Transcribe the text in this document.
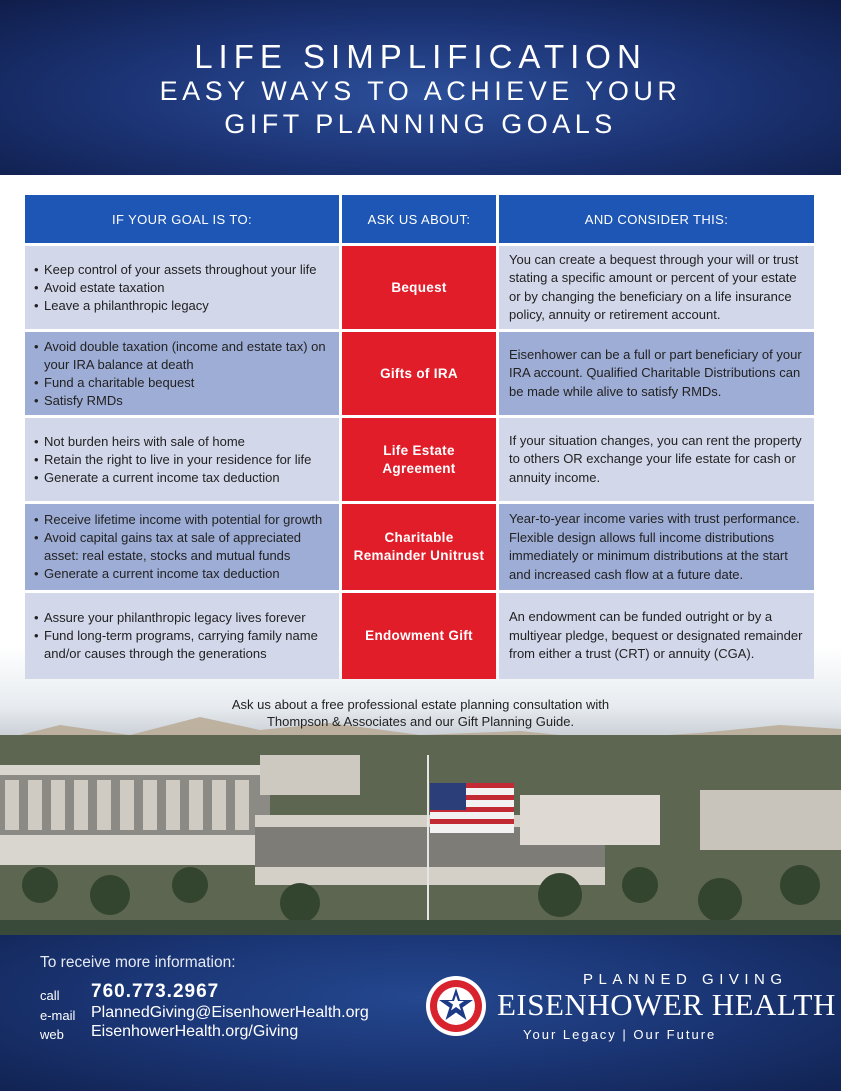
LIFE SIMPLIFICATION
EASY WAYS TO ACHIEVE YOUR
GIFT PLANNING GOALS
IF YOUR GOAL IS TO:	ASK US ABOUT:	AND CONSIDER THIS:
• Keep control of your assets throughout your life
• Avoid estate taxation
• Leave a philanthropic legacy
Bequest

You can create a bequest through your will or trust stating a specific amount or percent of your estate or by changing the beneficiary on a life insurance policy, annuity or retirement account.

• Avoid double taxation (income and estate tax) on your IRA balance at death
• Fund a charitable bequest
• Satisfy RMDs
Gifts of IRA

Eisenhower can be a full or part beneficiary of your IRA account. Qualified Charitable Distributions can be made while alive to satisfy RMDs.

• Not burden heirs with sale of home
• Retain the right to live in your residence for life
• Generate a current income tax deduction
Life Estate Agreement

If your situation changes, you can rent the property to others OR exchange your life estate for cash or annuity income.

• Receive lifetime income with potential for growth
• Avoid capital gains tax at sale of appreciated asset: real estate, stocks and mutual funds
• Generate a current income tax deduction
Charitable Remainder Unitrust

Year-to-year income varies with trust performance. Flexible design allows full income distributions immediately or minimum distributions at the start and increased cash flow at a future date.

• Assure your philanthropic legacy lives forever
• Fund long-term programs, carrying family name and/or causes through the generations
Endowment Gift

An endowment can be funded outright or by a multiyear pledge, bequest or designated remainder from either a trust (CRT) or annuity (CGA).

Ask us about a free professional estate planning consultation with
Thompson & Associates and our Gift Planning Guide.
To receive more information:
call 760.773.2967
e-mail PlannedGiving@EisenhowerHealth.org
web EisenhowerHealth.org/Giving
PLANNED GIVING
EISENHOWER HEALTH
Your Legacy | Our Future
